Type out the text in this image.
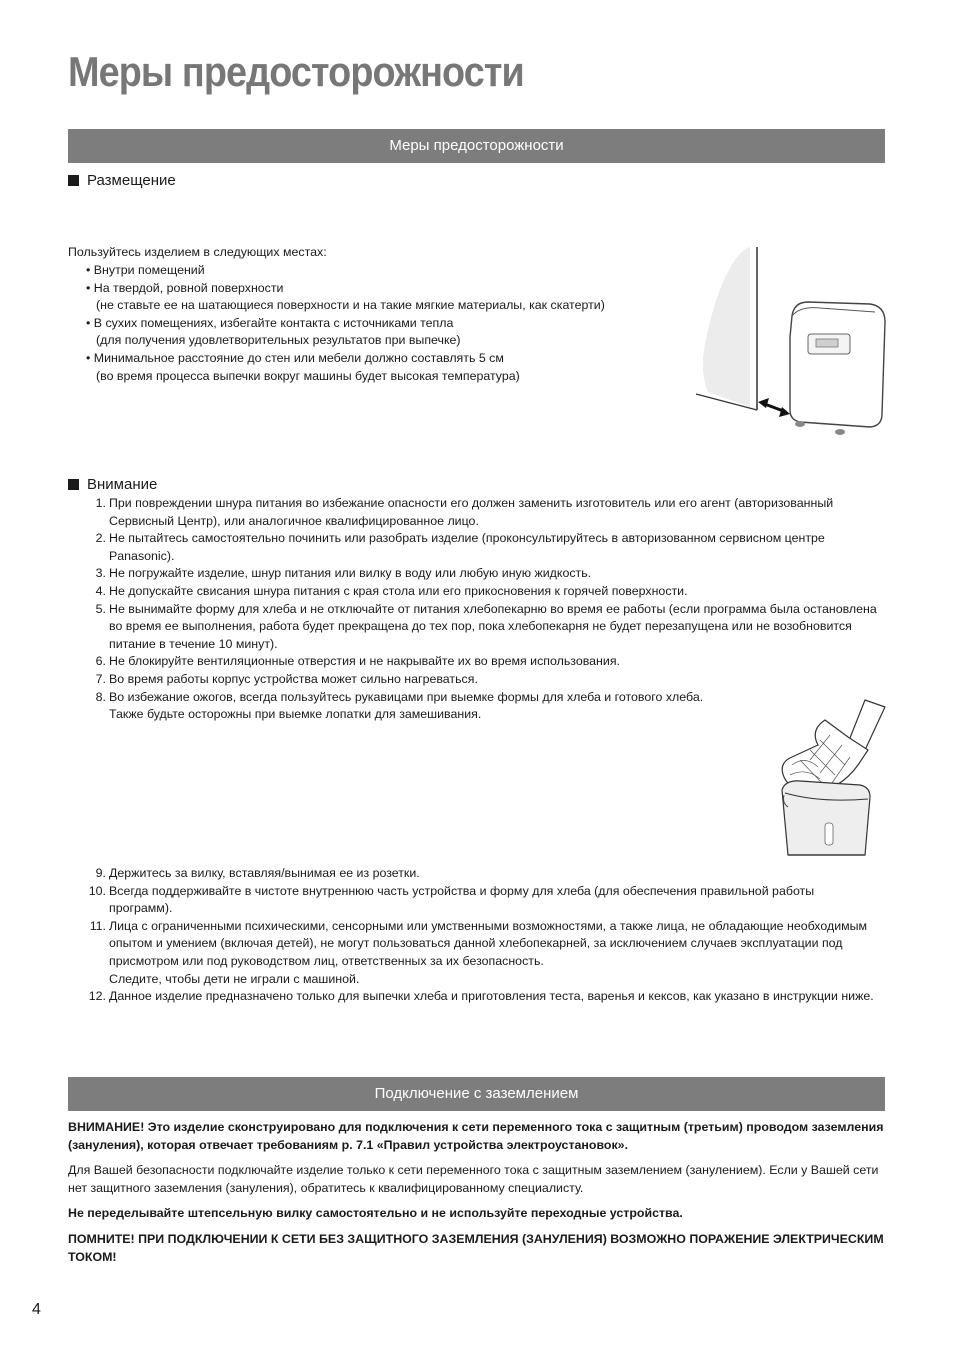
Меры предосторожности
Меры предосторожности
Размещение
Пользуйтесь изделием в следующих местах:
• Внутри помещений
• На твердой, ровной поверхности
(не ставьте ее на шатающиеся поверхности и на такие мягкие материалы, как скатерти)
• В сухих помещениях, избегайте контакта с источниками тепла
(для получения удовлетворительных результатов при выпечке)
• Минимальное расстояние до стен или мебели должно составлять 5 см
(во время процесса выпечки вокруг машины будет высокая температура)
Внимание
1. При повреждении шнура питания во избежание опасности его должен заменить изготовитель или его агент (авторизованный Сервисный Центр), или аналогичное квалифицированное лицо.
2. Не пытайтесь самостоятельно починить или разобрать изделие (проконсультируйтесь в авторизованном сервисном центре Panasonic).
3. Не погружайте изделие, шнур питания или вилку в воду или любую иную жидкость.
4. Не допускайте свисания шнура питания с края стола или его прикосновения к горячей поверхности.
5. Не вынимайте форму для хлеба и не отключайте от питания хлебопекарню во время ее работы (если программа была остановлена во время ее выполнения, работа будет прекращена до тех пор, пока хлебопекарня не будет перезапущена или не возобновится питание в течение 10 минут).
6. Не блокируйте вентиляционные отверстия и не накрывайте их во время использования.
7. Во время работы корпус устройства может сильно нагреваться.
8. Во избежание ожогов, всегда пользуйтесь рукавицами при выемке формы для хлеба и готового хлеба.
Также будьте осторожны при выемке лопатки для замешивания.
9. Держитесь за вилку, вставляя/вынимая ее из розетки.
10. Всегда поддерживайте в чистоте внутреннюю часть устройства и форму для хлеба (для обеспечения правильной работы программ).
11. Лица с ограниченными психическими, сенсорными или умственными возможностями, а также лица, не обладающие необходимым опытом и умением (включая детей), не могут пользоваться данной хлебопекарней, за исключением случаев эксплуатации под присмотром или под руководством лиц, ответственных за их безопасность.
Следите, чтобы дети не играли с машиной.
12. Данное изделие предназначено только для выпечки хлеба и приготовления теста, варенья и кексов, как указано в инструкции ниже.
Подключение с заземлением

ВНИМАНИЕ! Это изделие сконструировано для подключения к сети переменного тока с защитным (третьим) проводом заземления (зануления), которая отвечает требованиям р. 7.1 «Правил устройства электроустановок».

Для Вашей безопасности подключайте изделие только к сети переменного тока с защитным заземлением (занулением). Если у Вашей сети нет защитного заземления (зануления), обратитесь к квалифицированному специалисту.

Не переделывайте штепсельную вилку самостоятельно и не используйте переходные устройства.

ПОМНИТЕ! ПРИ ПОДКЛЮЧЕНИИ К СЕТИ БЕЗ ЗАЩИТНОГО ЗАЗЕМЛЕНИЯ (ЗАНУЛЕНИЯ) ВОЗМОЖНО ПОРАЖЕНИЕ ЭЛЕКТРИЧЕСКИМ ТОКОМ!

4
